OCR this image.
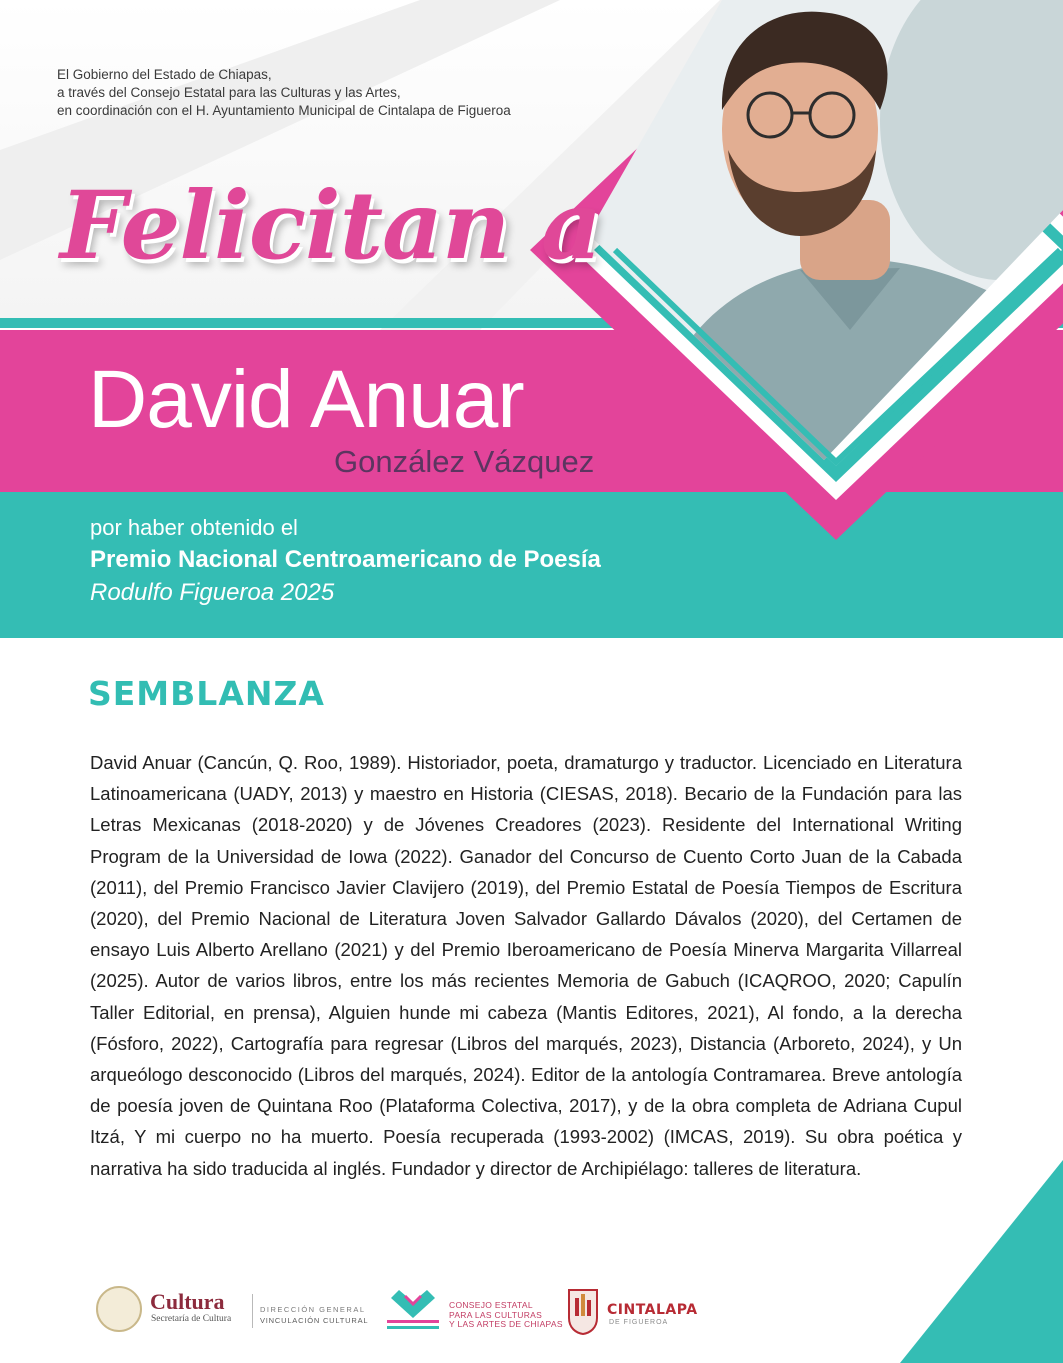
El Gobierno del Estado de Chiapas,
a través del Consejo Estatal para las Culturas y las Artes,
en coordinación con el H. Ayuntamiento Municipal de Cintalapa de Figueroa
Felicitan a
David Anuar
González Vázquez
por haber obtenido el
Premio Nacional Centroamericano de Poesía
Rodulfo Figueroa 2025
SEMBLANZA
David Anuar (Cancún, Q. Roo, 1989). Historiador, poeta, dramaturgo y traductor. Licenciado en Literatura Latinoamericana (UADY, 2013) y maestro en Historia (CIESAS, 2018). Becario de la Fundación para las Letras Mexicanas (2018-2020) y de Jóvenes Creadores (2023). Residente del International Writing Program de la Universidad de Iowa (2022). Ganador del Concurso de Cuento Corto Juan de la Cabada (2011), del Premio Francisco Javier Clavijero (2019), del Premio Estatal de Poesía Tiempos de Escritura (2020), del Premio Nacional de Literatura Joven Salvador Gallardo Dávalos (2020), del Certamen de ensayo Luis Alberto Arellano (2021) y del Premio Iberoamericano de Poesía Minerva Margarita Villarreal (2025). Autor de varios libros, entre los más recientes Memoria de Gabuch (ICAQROO, 2020; Capulín Taller Editorial, en prensa), Alguien hunde mi cabeza (Mantis Editores, 2021), Al fondo, a la derecha (Fósforo, 2022), Cartografía para regresar (Libros del marqués, 2023), Distancia (Arboreto, 2024), y Un arqueólogo desconocido (Libros del marqués, 2024). Editor de la antología Contramarea. Breve antología de poesía joven de Quintana Roo (Plataforma Colectiva, 2017), y de la obra completa de Adriana Cupul Itzá, Y mi cuerpo no ha muerto. Poesía recuperada (1993-2002) (IMCAS, 2019). Su obra poética y narrativa ha sido traducida al inglés. Fundador y director de Archipiélago: talleres de literatura.
Cultura
Secretaría de Cultura
DIRECCIÓN GENERAL
VINCULACIÓN CULTURAL
CONSEJO ESTATAL
PARA LAS CULTURAS
Y LAS ARTES DE CHIAPAS
CINTALAPA
DE FIGUEROA
